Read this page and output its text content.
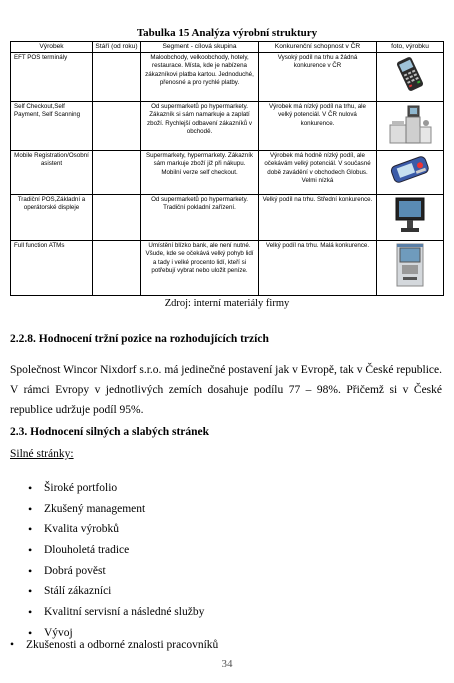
Tabulka 15 Analýza výrobní struktury
Výrobek	Stáří (od roku)	Segment - cílová skupina	Konkurenční schopnost v ČR	foto, výrobku
EFT POS terminály		Maloobchody, velkoobchody, hotely, restaurace. Místa, kde je nabízena zákazníkovi platba kartou. Jednoduché, přenosné a pro rychlé platby.	Vysoký podíl na trhu a žádná konkurence v ČR	

Self Checkout,Self Payment, Self Scanning		Od supermarketů po hypermarkety. Zákazník si sám namarkuje a zaplatí zboží. Rychlejší odbavení zákazníků v obchodě.	Výrobek má nízký podíl na trhu, ale velký potenciál. V ČR nulová konkurence.	

Mobile Registration/Osobní asistent		Supermarkety, hypermarkety. Zákazník sám markuje zboží již při nákupu. Mobilní verze self checkout.	Výrobek má hodně nízký podíl, ale očekávám velký potenciál. V současné době zavádění v obchodech Globus. Velmi nízká	

Tradiční POS,Základní a operátorské displeje		Od supermarketů po hypermarkety. Tradiční pokladní zařízení.	Velký podíl na trhu. Střední konkurence.	

Full function ATMs		Umístění blízko bank, ale není nutné. Všude, kde se očekává velký pohyb lidí a tady i velké procento lidí, kteří si potřebují vybrat nebo uložit peníze.	Velký podíl na trhu. Malá konkurence.	
Zdroj: interní materiály firmy
2.2.8. Hodnocení tržní pozice na rozhodujících trzích
Společnost Wincor Nixdorf s.r.o. má jedinečné postavení jak v Evropě, tak v České republice. V rámci Evropy v jednotlivých zemích dosahuje podílu 77 – 98%. Přičemž si v České republice udržuje podíl 95%.
2.3. Hodnocení silných a slabých stránek
Silné stránky:
• Široké portfolio
• Zkušený management
• Kvalita výrobků
• Dlouholetá tradice
• Dobrá pověst
• Stálí zákazníci
• Kvalitní servisní a následné služby
• Vývoj
• Zkušenosti a odborné znalosti pracovníků
34
